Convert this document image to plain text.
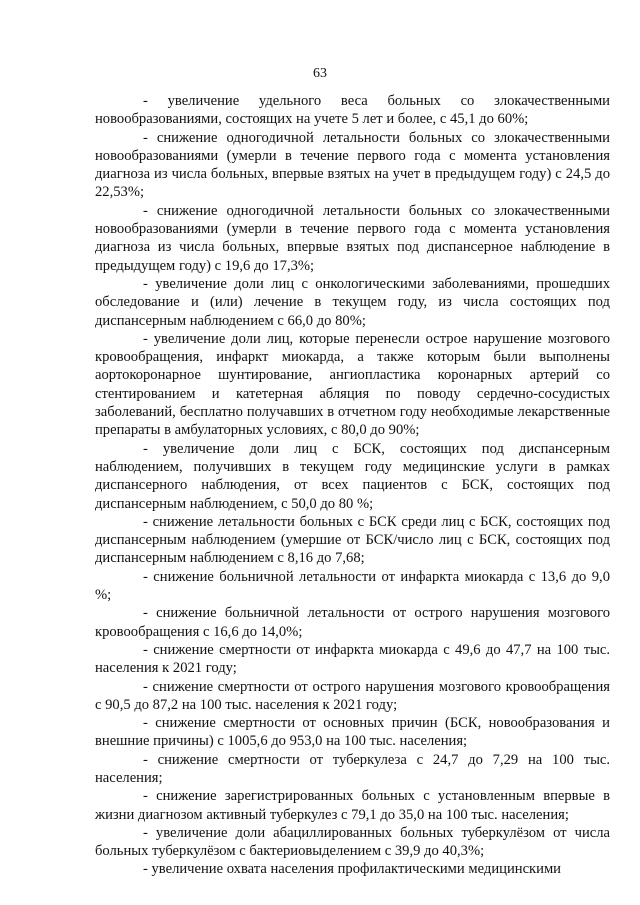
63

- увеличение удельного веса больных со злокачественными новообразованиями, состоящих на учете 5 лет и более, с 45,1 до 60%;

- снижение одногодичной летальности больных со злокачественными новообразованиями (умерли в течение первого года с момента установления диагноза из числа больных, впервые взятых на учет в предыдущем году) с 24,5 до 22,53%;

- снижение одногодичной летальности больных со злокачественными новообразованиями (умерли в течение первого года с момента установления диагноза из числа больных, впервые взятых под диспансерное наблюдение в предыдущем году) с 19,6 до 17,3%;

- увеличение доли лиц с онкологическими заболеваниями, прошедших обследование и (или) лечение в текущем году, из числа состоящих под диспансерным наблюдением с 66,0 до 80%;

- увеличение доли лиц, которые перенесли острое нарушение мозгового кровообращения, инфаркт миокарда, а также которым были выполнены аортокоронарное шунтирование, ангиопластика коронарных артерий со стентированием и катетерная абляция по поводу сердечно-сосудистых заболеваний, бесплатно получавших в отчетном году необходимые лекарственные препараты в амбулаторных условиях, с 80,0 до 90%;

- увеличение доли лиц с БСК, состоящих под диспансерным наблюдением, получивших в текущем году медицинские услуги в рамках диспансерного наблюдения, от всех пациентов с БСК, состоящих под диспансерным наблюдением, с 50,0 до 80 %;

- снижение летальности больных с БСК среди лиц с БСК, состоящих под диспансерным наблюдением (умершие от БСК/число лиц с БСК, состоящих под диспансерным наблюдением с 8,16 до 7,68;

- снижение больничной летальности от инфаркта миокарда с 13,6 до 9,0 %;

- снижение больничной летальности от острого нарушения мозгового кровообращения с 16,6 до 14,0%;

- снижение смертности от инфаркта миокарда с 49,6 до 47,7 на 100 тыс. населения к 2021 году;

- снижение смертности от острого нарушения мозгового кровообращения с 90,5 до 87,2 на 100 тыс. населения к 2021 году;

- снижение смертности от основных причин (БСК, новообразования и внешние причины) с 1005,6 до 953,0 на 100 тыс. населения;

- снижение смертности от туберкулеза с 24,7 до 7,29 на 100 тыс. населения;

- снижение зарегистрированных больных с установленным впервые в жизни диагнозом активный туберкулез с 79,1 до 35,0 на 100 тыс. населения;

- увеличение доли абациллированных больных туберкулёзом от числа больных туберкулёзом с бактериовыделением с 39,9 до 40,3%;

- увеличение охвата населения профилактическими медицинскими
